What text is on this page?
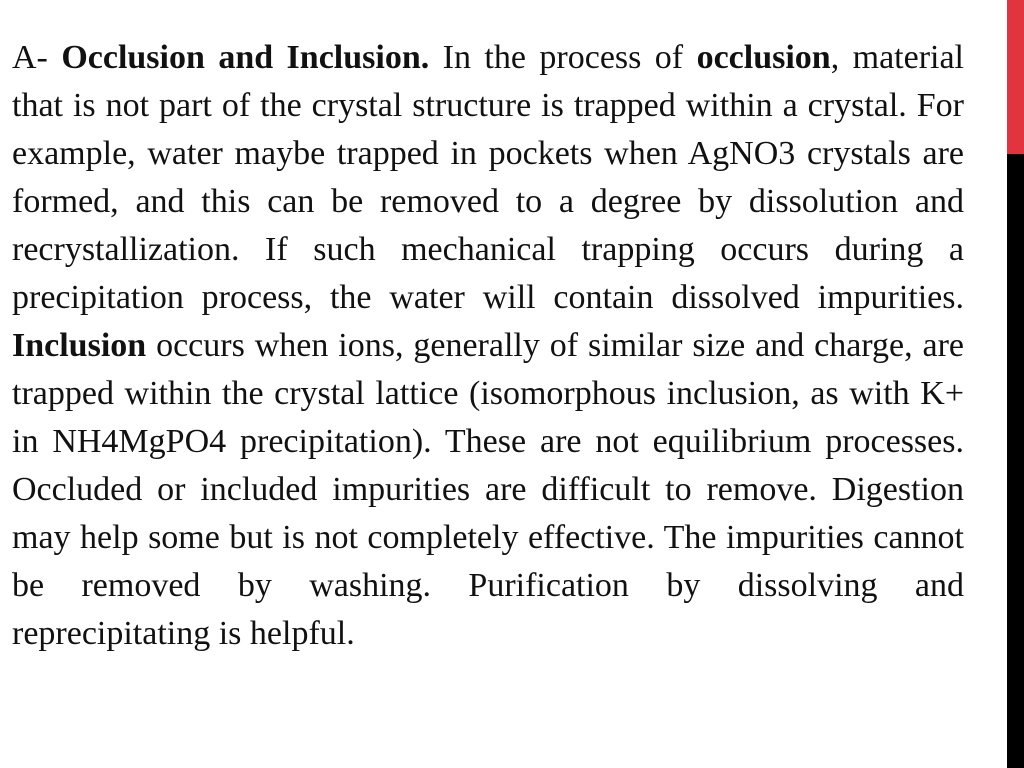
A- Occlusion and Inclusion. In the process of occlusion, material that is not part of the crystal structure is trapped within a crystal. For example, water maybe trapped in pockets when AgNO3 crystals are formed, and this can be removed to a degree by dissolution and recrystallization. If such mechanical trapping occurs during a precipitation process, the water will contain dissolved impurities. Inclusion occurs when ions, generally of similar size and charge, are trapped within the crystal lattice (isomorphous inclusion, as with K+ in NH4MgPO4 precipitation). These are not equilibrium processes. Occluded or included impurities are difficult to remove. Digestion may help some but is not completely effective. The impurities cannot be removed by washing. Purification by dissolving and reprecipitating is helpful.
